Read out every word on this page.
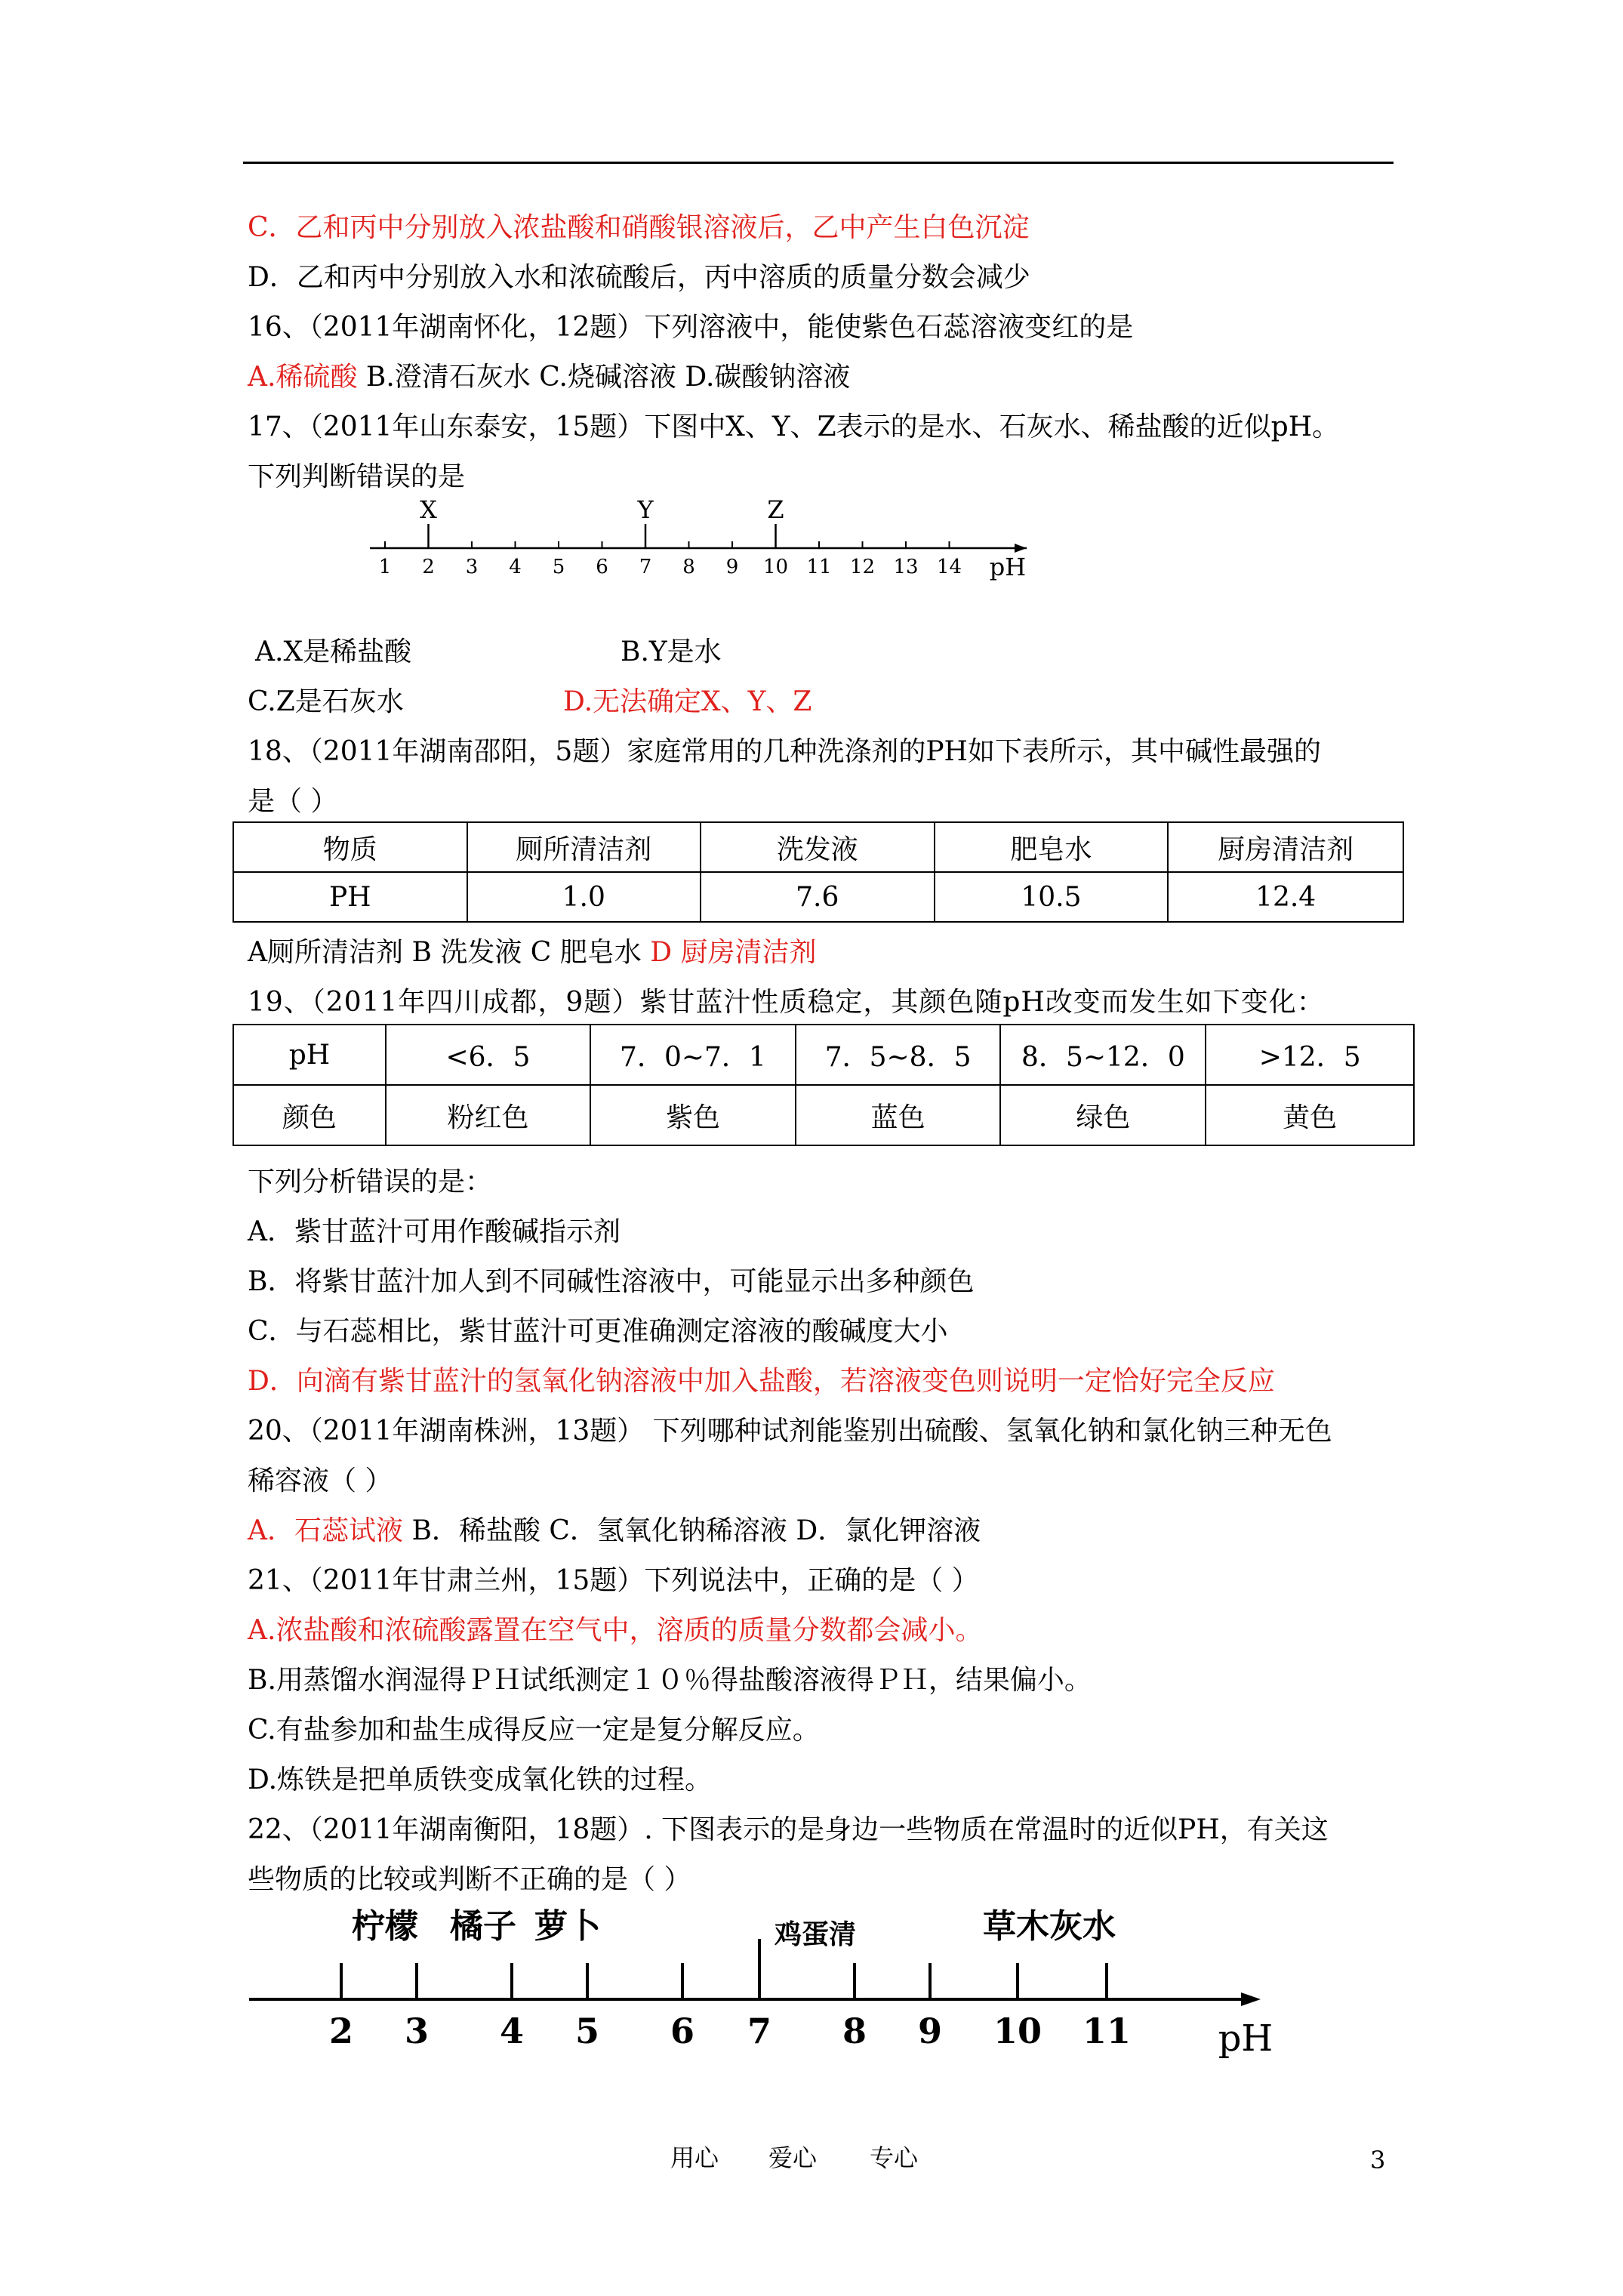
C．乙和丙中分别放入浓盐酸和硝酸银溶液后，乙中产生白色沉淀
D．乙和丙中分别放入水和浓硫酸后，丙中溶质的质量分数会减少
16、（2011年湖南怀化，12题）下列溶液中，能使紫色石蕊溶液变红的是
A.稀硫酸 B.澄清石灰水 C.烧碱溶液 D.碳酸钠溶液
17、（2011年山东泰安，15题）下图中X、Y、Z表示的是水、石灰水、稀盐酸的近似pH。
下列判断错误的是
1 2 3 4 5 6 7 8 9 10 11 12 13 14 pH
X	Y	Z
A.X是稀盐酸	B.Y是水
C.Z是石灰水	D.无法确定X、Y、Z
18、（2011年湖南邵阳，5题）家庭常用的几种洗涤剂的PH如下表所示，其中碱性最强的
是（ ）
物质	厕所清洁剂	洗发液	肥皂水	厨房清洁剂
PH	1.0	7.6	10.5	12.4
A厕所清洁剂 B 洗发液 C 肥皂水 D 厨房清洁剂
19、（2011年四川成都，9题）紫甘蓝汁性质稳定，其颜色随pH改变而发生如下变化：
pH	<6．5	7．0~7．1	7．5~8．5	8．5~12．0	>12．5
颜色	粉红色	紫色	蓝色	绿色	黄色
下列分析错误的是：
A．紫甘蓝汁可用作酸碱指示剂
B．将紫甘蓝汁加人到不同碱性溶液中，可能显示出多种颜色
C．与石蕊相比，紫甘蓝汁可更准确测定溶液的酸碱度大小
D．向滴有紫甘蓝汁的氢氧化钠溶液中加入盐酸，若溶液变色则说明一定恰好完全反应
20、（2011年湖南株洲，13题） 下列哪种试剂能鉴别出硫酸、氢氧化钠和氯化钠三种无色
稀容液（ ）
A．石蕊试液 B．稀盐酸 C．氢氧化钠稀溶液 D．氯化钾溶液
21、（2011年甘肃兰州，15题）下列说法中，正确的是（ ）
A.浓盐酸和浓硫酸露置在空气中，溶质的质量分数都会减小。
B.用蒸馏水润湿得ＰＨ试纸测定１０％得盐酸溶液得ＰＨ，结果偏小。
C.有盐参加和盐生成得反应一定是复分解反应。
D.炼铁是把单质铁变成氧化铁的过程。
22、（2011年湖南衡阳，18题）. 下图表示的是身边一些物质在常温时的近似PH，有关这
些物质的比较或判断不正确的是（ ）
2 3 4 5 6 7 8 9 10 11 pH
柠檬 橘子 萝卜	鸡蛋清	草木灰水
用心 爱心 专心	3
